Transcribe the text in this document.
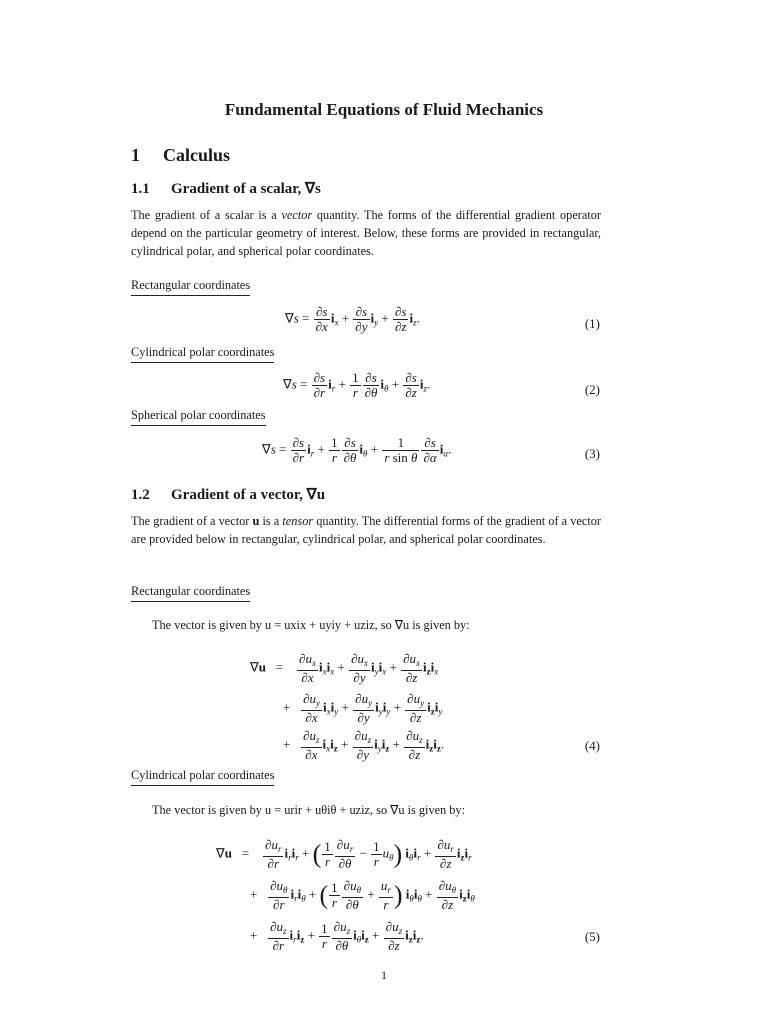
Fundamental Equations of Fluid Mechanics
1 Calculus
1.1 Gradient of a scalar, ∇s
The gradient of a scalar is a vector quantity. The forms of the differential gradient operator depend on the particular geometry of interest. Below, these forms are provided in rectangular, cylindrical polar, and spherical polar coordinates.
Rectangular coordinates
$\nabla s = \frac{\partial s}{\partial x} i_x + \frac{\partial s}{\partial y} i_y + \frac{\partial s}{\partial z} i_z$.	(1)
Cylindrical polar coordinates
$\nabla s = \frac{\partial s}{\partial r} i_r + \frac{1}{r} \frac{\partial s}{\partial\theta} i_\theta + \frac{\partial s}{\partial z} i_z$.	(2)
Spherical polar coordinates
$\nabla s = \frac{\partial s}{\partial r} i_r + \frac{1}{r} \frac{\partial s}{\partial\theta} i_\theta + \frac{1}{\text{r sin θ}} \frac{\partial s}{\partial\alpha} i_\alpha$.	(3)
1.2 Gradient of a vector, ∇u
The gradient of a vector u is a tensor quantity. The differential forms of the gradient of a vector are provided below in rectangular, cylindrical polar, and spherical polar coordinates.
Rectangular coordinates
The vector is given by u = uxix + uyiy + uziz, so ∇u is given by:
$\nabla u = \frac{\partial u_x}{\partial x} i_xi_x + \frac{\partial u_x}{\partial y} i_yi_x + \frac{\partial u_x}{\partial z} i_zi_x$
+ $\frac{\partial u_y}{\partial x} i_xi_y + \frac{\partial u_y}{\partial y} i_yi_y + \frac{\partial u_y}{\partial z} i_zi_y$
+ $\frac{\partial u_z}{\partial x} i_xi_z + \frac{\partial u_z}{\partial y} i_yi_z + \frac{\partial u_z}{\partial z} i_zi_z$.	(4)
Cylindrical polar coordinates
The vector is given by u = urir + uθiθ + uziz, so ∇u is given by:
$\nabla u = \frac{\partial u_r}{\partial r} i_ri_r$ + ( $\frac{1}{r} \frac{\partial u_r}{\partial\theta} - \frac{1}{r} u_\theta$) $i_\theta i_r + \frac{\partial u_r}{\partial z} i_zi_r$
+ $\frac{\partial u_\theta}{\partial r} i_ri_\theta$ + ( $\frac{1}{r} \frac{\partial u_\theta}{\partial\theta} + \frac{u_r}{r}$ ) $i_\theta i_\theta + \frac{\partial u_\theta}{\partial z} i_zi_\theta$
+ $\frac{\partial u_z}{\partial r} i_ri_z + \frac{1}{r} \frac{\partial u_z}{\partial\theta} i_\theta i_z + \frac{\partial u_z}{\partial z} i_zi_z$.	(5)
1
